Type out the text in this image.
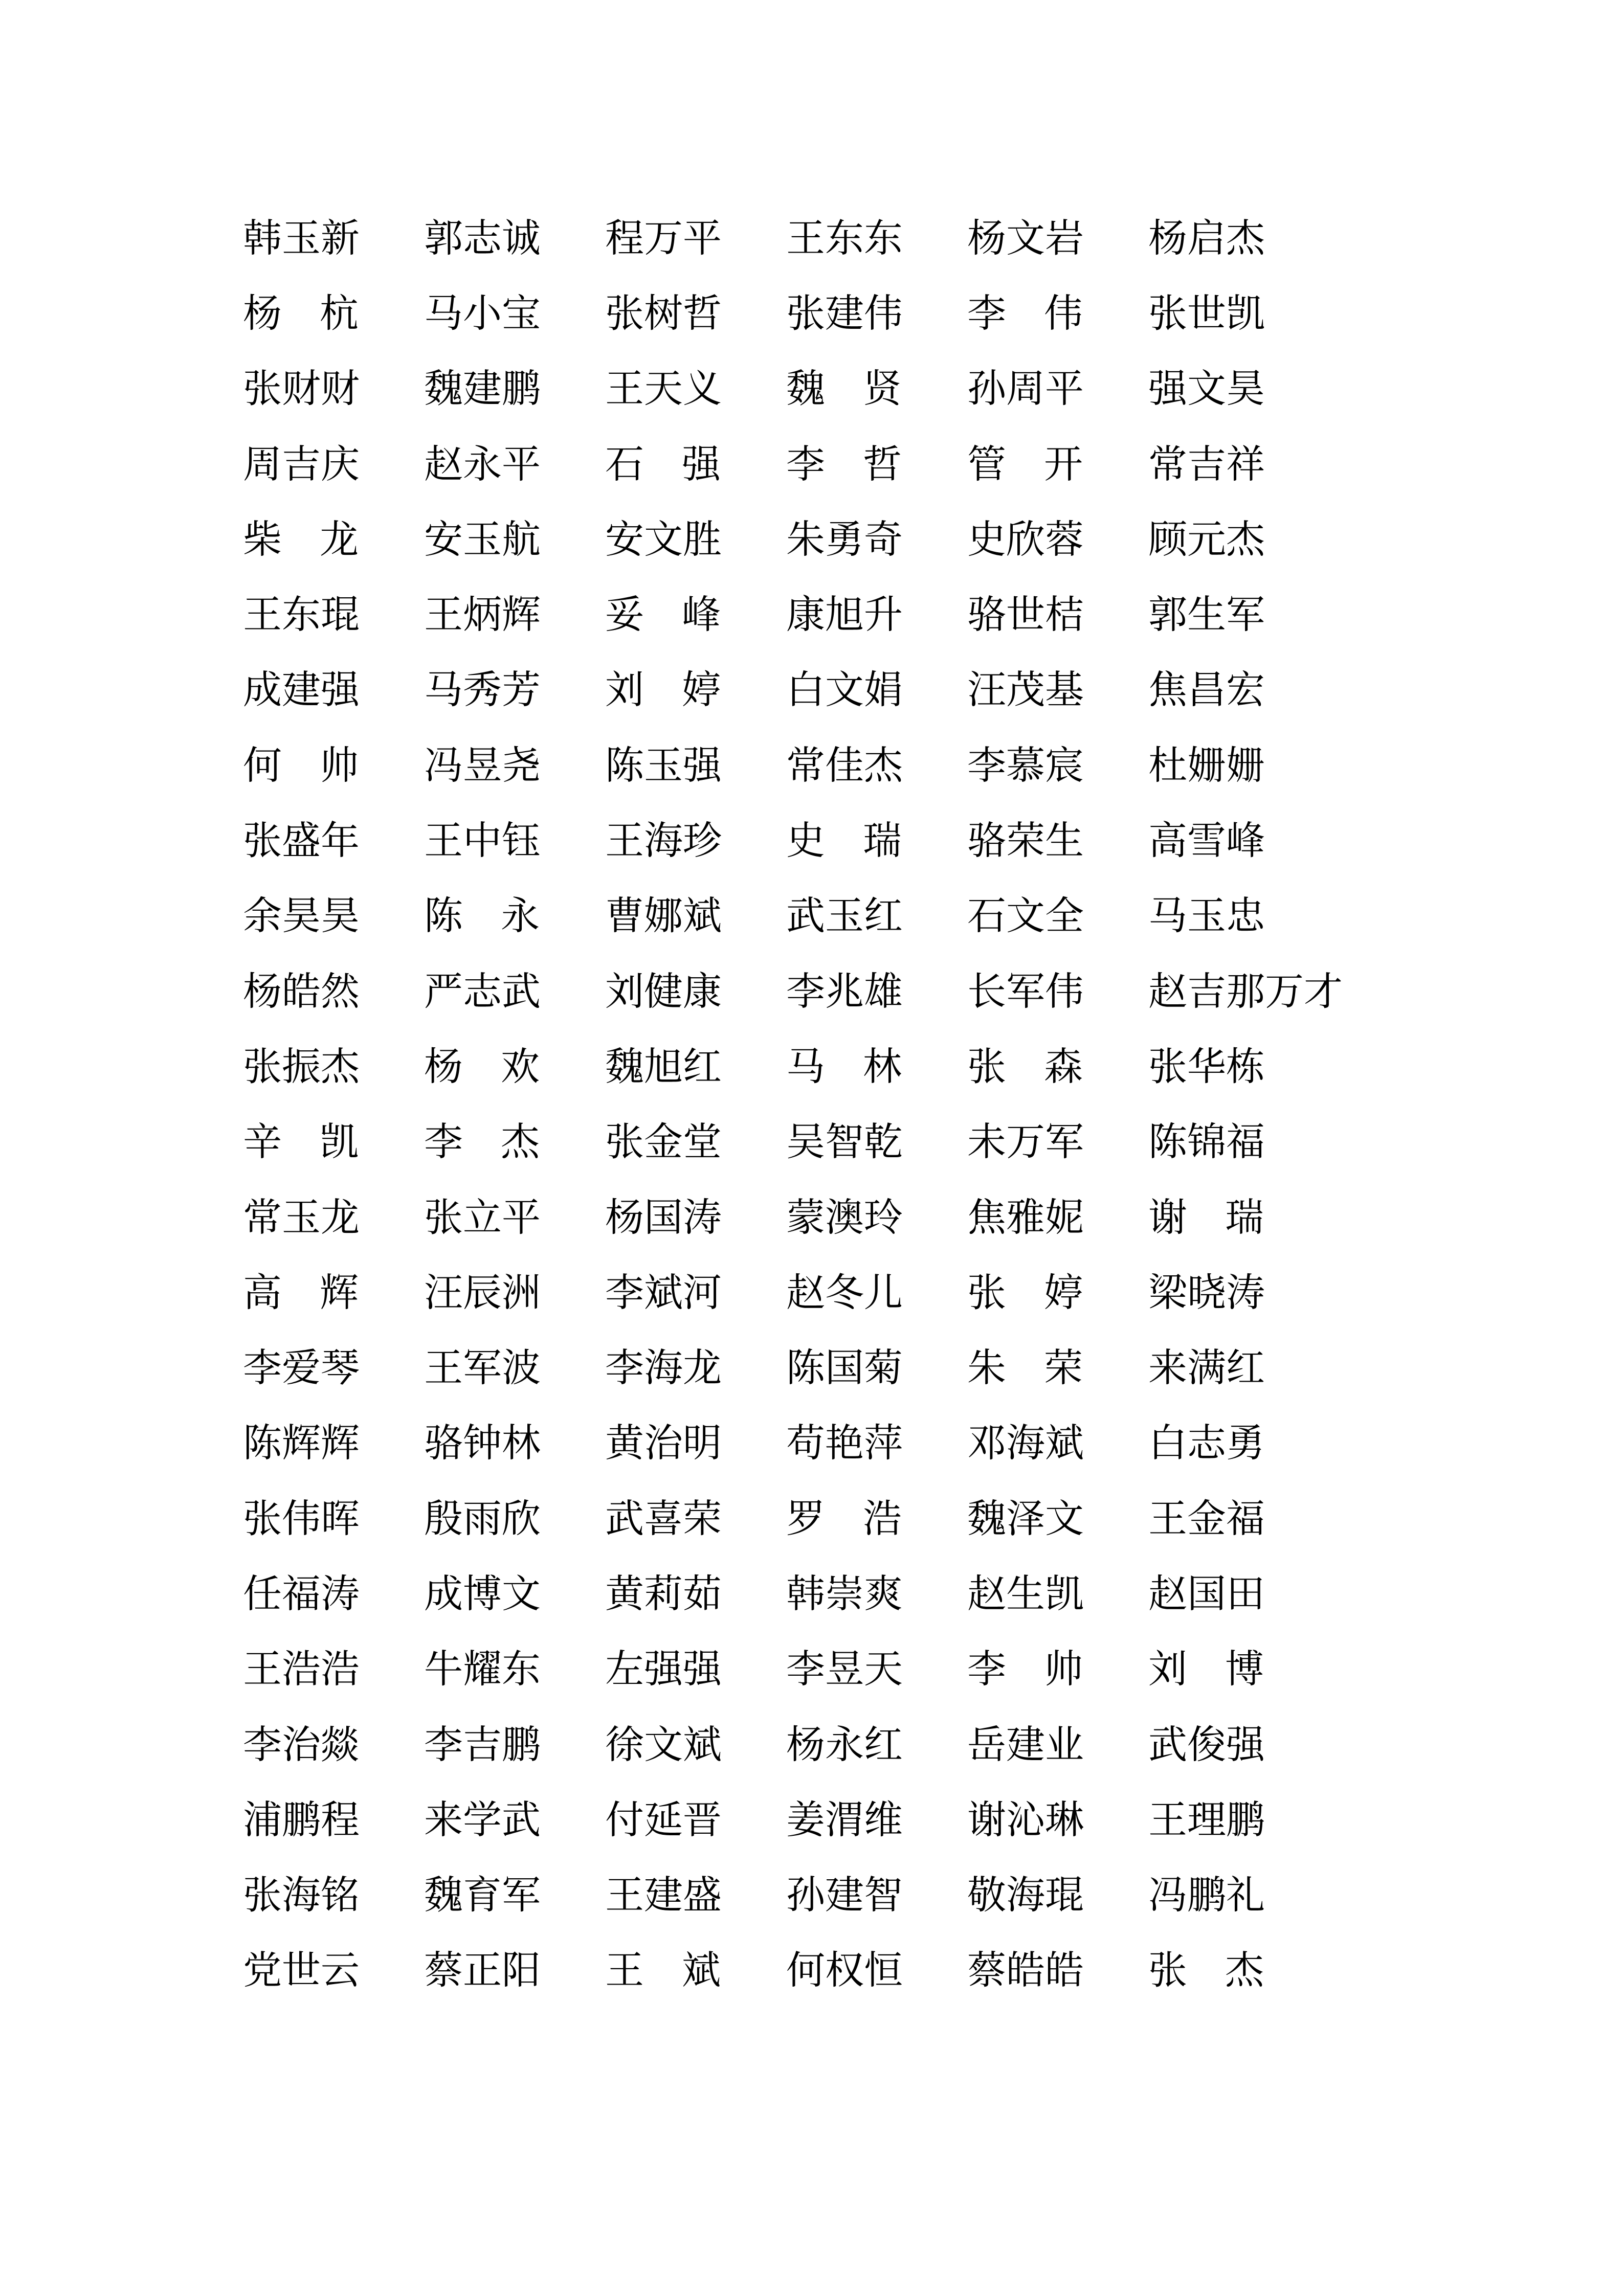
韩 玉 新 郭 志 诚 程 万 平 王 东 东 杨 文 岩 杨 启 杰
杨 杭 马 小 宝 张 树 哲 张 建 伟 李 伟 张 世 凯
张 财 财 魏 建 鹏 王 天 义 魏 贤 孙 周 平 强 文 昊
周 吉 庆 赵 永 平 石 强 李 哲 管 开 常 吉 祥
柴 龙 安 玉 航 安 文 胜 朱 勇 奇 史 欣 蓉 顾 元 杰
王 东 琨 王 炳 辉 妥 峰 康 旭 升 骆 世 桔 郭 生 军
成 建 强 马 秀 芳 刘 婷 白 文 娟 汪 茂 基 焦 昌 宏
何 帅 冯 昱 尧 陈 玉 强 常 佳 杰 李 慕 宸 杜 姗 姗
张 盛 年 王 中 钰 王 海 珍 史 瑞 骆 荣 生 高 雪 峰
余 昊 昊 陈 永 曹 娜 斌 武 玉 红 石 文 全 马 玉 忠
杨 皓 然 严 志 武 刘 健 康 李 兆 雄 长 军 伟 赵 吉 那 万 才
张 振 杰 杨 欢 魏 旭 红 马 林 张 森 张 华 栋
辛 凯 李 杰 张 金 堂 吴 智 乾 未 万 军 陈 锦 福
常 玉 龙 张 立 平 杨 国 涛 蒙 澳 玲 焦 雅 妮 谢 瑞
高 辉 汪 辰 洲 李 斌 河 赵 冬 儿 张 婷 梁 晓 涛
李 爱 琴 王 军 波 李 海 龙 陈 国 菊 朱 荣 来 满 红
陈 辉 辉 骆 钟 林 黄 治 明 苟 艳 萍 邓 海 斌 白 志 勇
张 伟 晖 殷 雨 欣 武 喜 荣 罗 浩 魏 泽 文 王 金 福
任 福 涛 成 博 文 黄 莉 茹 韩 崇 爽 赵 生 凯 赵 国 田
王 浩 浩 牛 耀 东 左 强 强 李 昱 天 李 帅 刘 博
李 治 燚 李 吉 鹏 徐 文 斌 杨 永 红 岳 建 业 武 俊 强
浦 鹏 程 来 学 武 付 延 晋 姜 渭 维 谢 沁 琳 王 理 鹏
张 海 铭 魏 育 军 王 建 盛 孙 建 智 敬 海 琨 冯 鹏 礼
党 世 云 蔡 正 阳 王 斌 何 权 恒 蔡 皓 皓 张 杰
